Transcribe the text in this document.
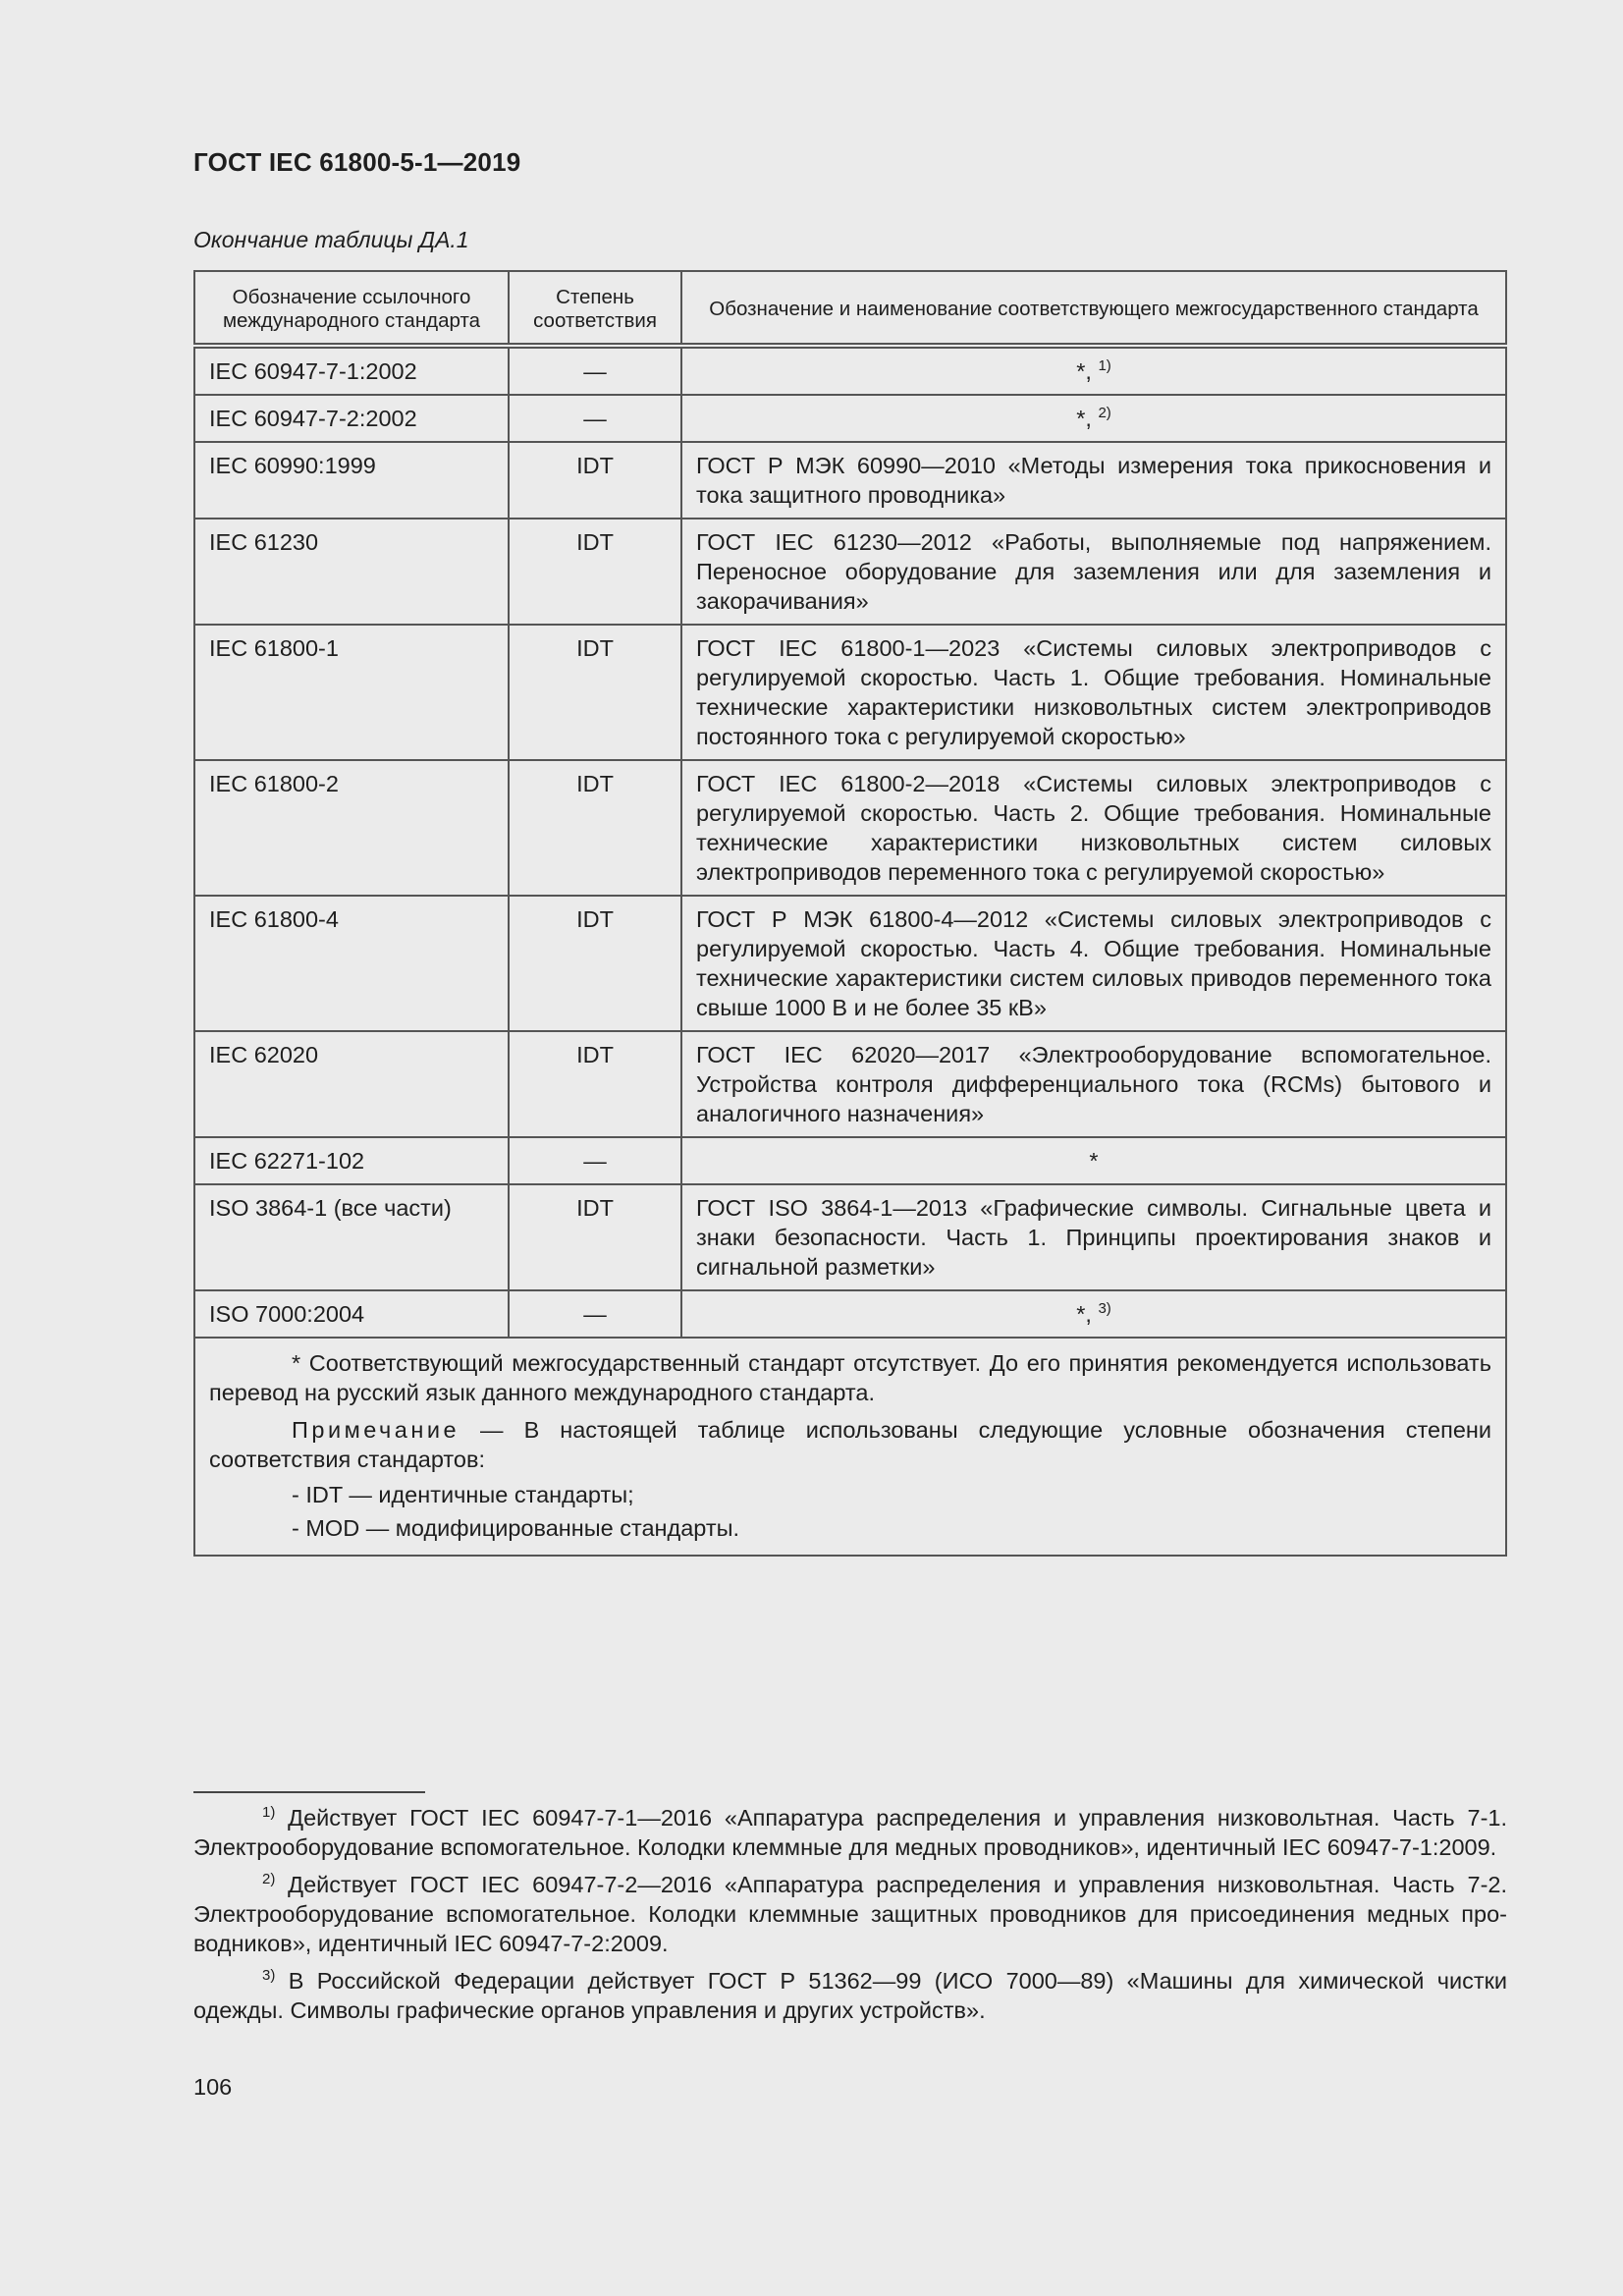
ГОСТ IEC 61800-5-1—2019
Окончание таблицы ДА.1
Обозначение ссылочного международного стандарта	Степень соответствия	Обозначение и наименование соответствующего межгосударственного стандарта
IEC 60947-7-1:2002	—	*, $^{1)}$
IEC 60947-7-2:2002	—	*, $^{2)}$
IEC 60990:1999	IDT	ГОСТ Р МЭК 60990—2010 «Методы измерения тока прикосновения и тока защитного проводника»
IEC 61230	IDT	ГОСТ IEC 61230—2012 «Работы, выполняемые под напряжением. Переносное оборудование для заземления или для заземления и закорачивания»
IEC 61800-1	IDT	ГОСТ IEC 61800-1—2023 «Системы силовых электроприводов с регулируемой скоростью. Часть 1. Общие требования. Номинальные технические характеристики низковольтных систем электроприводов постоянного тока с регулируемой скоростью»
IEC 61800-2	IDT	ГОСТ IEC 61800-2—2018 «Системы силовых электроприводов с регулируемой скоростью. Часть 2. Общие требования. Номинальные технические характеристики низковольтных систем силовых электроприводов переменного тока с регулируемой скоростью»
IEC 61800-4	IDT	ГОСТ Р МЭК 61800-4—2012 «Системы силовых электроприводов с регулируемой скоростью. Часть 4. Общие требования. Номинальные технические характеристики систем силовых приводов переменного тока свыше 1000 В и не более 35 кВ»
IEC 62020	IDT	ГОСТ IEC 62020—2017 «Электрооборудование вспомогательное. Устройства контроля дифференциального тока (RCMs) бытового и аналогичного назначения»
IEC 62271-102	—	*
ISO 3864-1 (все части)	IDT	ГОСТ ISO 3864-1—2013 «Графические символы. Сигнальные цвета и знаки безопасности. Часть 1. Принципы проектирования знаков и сигнальной разметки»
ISO 7000:2004	—	*, $^{3)}$

* Соответствующий межгосударственный стандарт отсутствует. До его принятия рекомендуется использовать перевод на русский язык данного международного стандарта.
Примечание — В настоящей таблице использованы следующие условные обозначения степени соответствия стандартов:
- IDT — идентичные стандарты;
- MOD — модифицированные стандарты.		

$^{1)}$ Действует ГОСТ IEC 60947-7-1—2016 «Аппаратура распределения и управления низковольтная. Часть 7-1. Электрооборудование вспомогательное. Колодки клеммные для медных проводников», идентичный IEC 60947-7-1:2009.

$^{2)}$ Действует ГОСТ IEC 60947-7-2—2016 «Аппаратура распределения и управления низковольтная. Часть 7-2. Электрооборудование вспомогательное. Колодки клеммные защитных проводников для присоединения медных про-водников», идентичный IEC 60947-7-2:2009.

$^{3)}$ В Российской Федерации действует ГОСТ Р 51362—99 (ИСО 7000—89) «Машины для химической чистки одежды. Символы графические органов управления и других устройств».

106
